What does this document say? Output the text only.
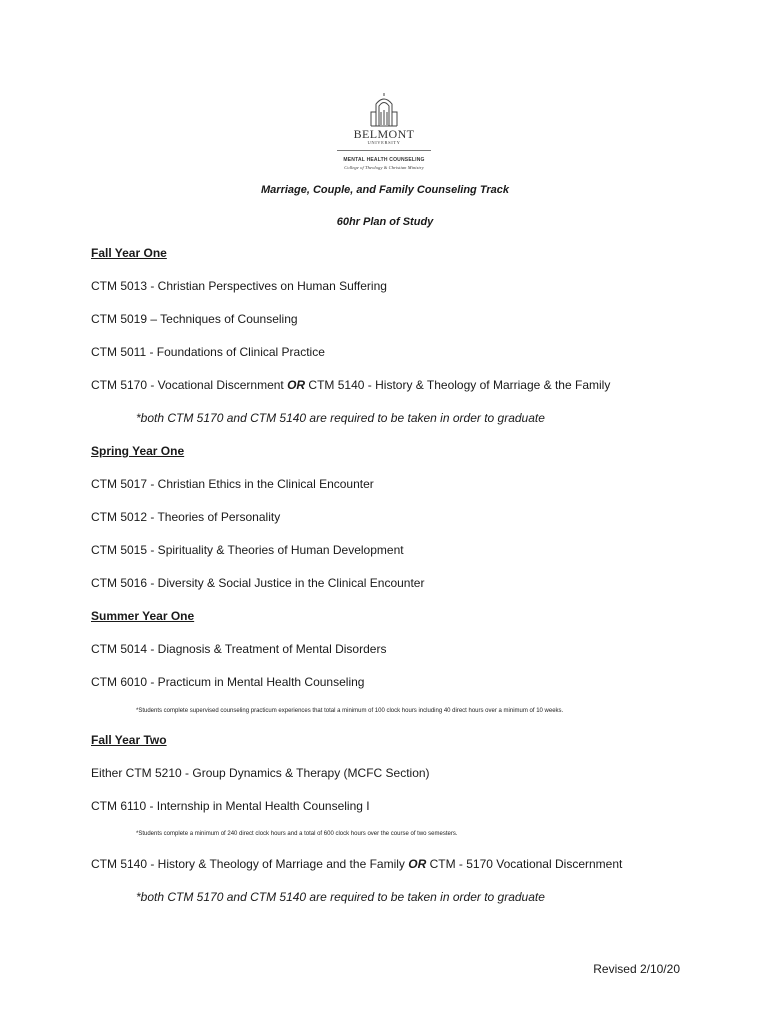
BELMONT
UNIVERSITY
MENTAL HEALTH COUNSELING
College of Theology & Christian Ministry
Marriage, Couple, and Family Counseling Track
60hr Plan of Study
Fall Year One
CTM 5013 - Christian Perspectives on Human Suffering
CTM 5019 – Techniques of Counseling
CTM 5011 - Foundations of Clinical Practice
CTM 5170 - Vocational Discernment OR CTM 5140 - History & Theology of Marriage & the Family
*both CTM 5170 and CTM 5140 are required to be taken in order to graduate
Spring Year One
CTM 5017 - Christian Ethics in the Clinical Encounter
CTM 5012 - Theories of Personality
CTM 5015 - Spirituality & Theories of Human Development
CTM 5016 - Diversity & Social Justice in the Clinical Encounter
Summer Year One
CTM 5014 - Diagnosis & Treatment of Mental Disorders
CTM 6010 - Practicum in Mental Health Counseling
*Students complete supervised counseling practicum experiences that total a minimum of 100 clock hours including 40 direct hours over a minimum of 10 weeks.
Fall Year Two
Either CTM 5210 - Group Dynamics & Therapy (MCFC Section)
CTM 6110 - Internship in Mental Health Counseling I
*Students complete a minimum of 240 direct clock hours and a total of 600 clock hours over the course of two semesters.
CTM 5140 - History & Theology of Marriage and the Family OR CTM - 5170 Vocational Discernment
*both CTM 5170 and CTM 5140 are required to be taken in order to graduate
Revised 2/10/20
